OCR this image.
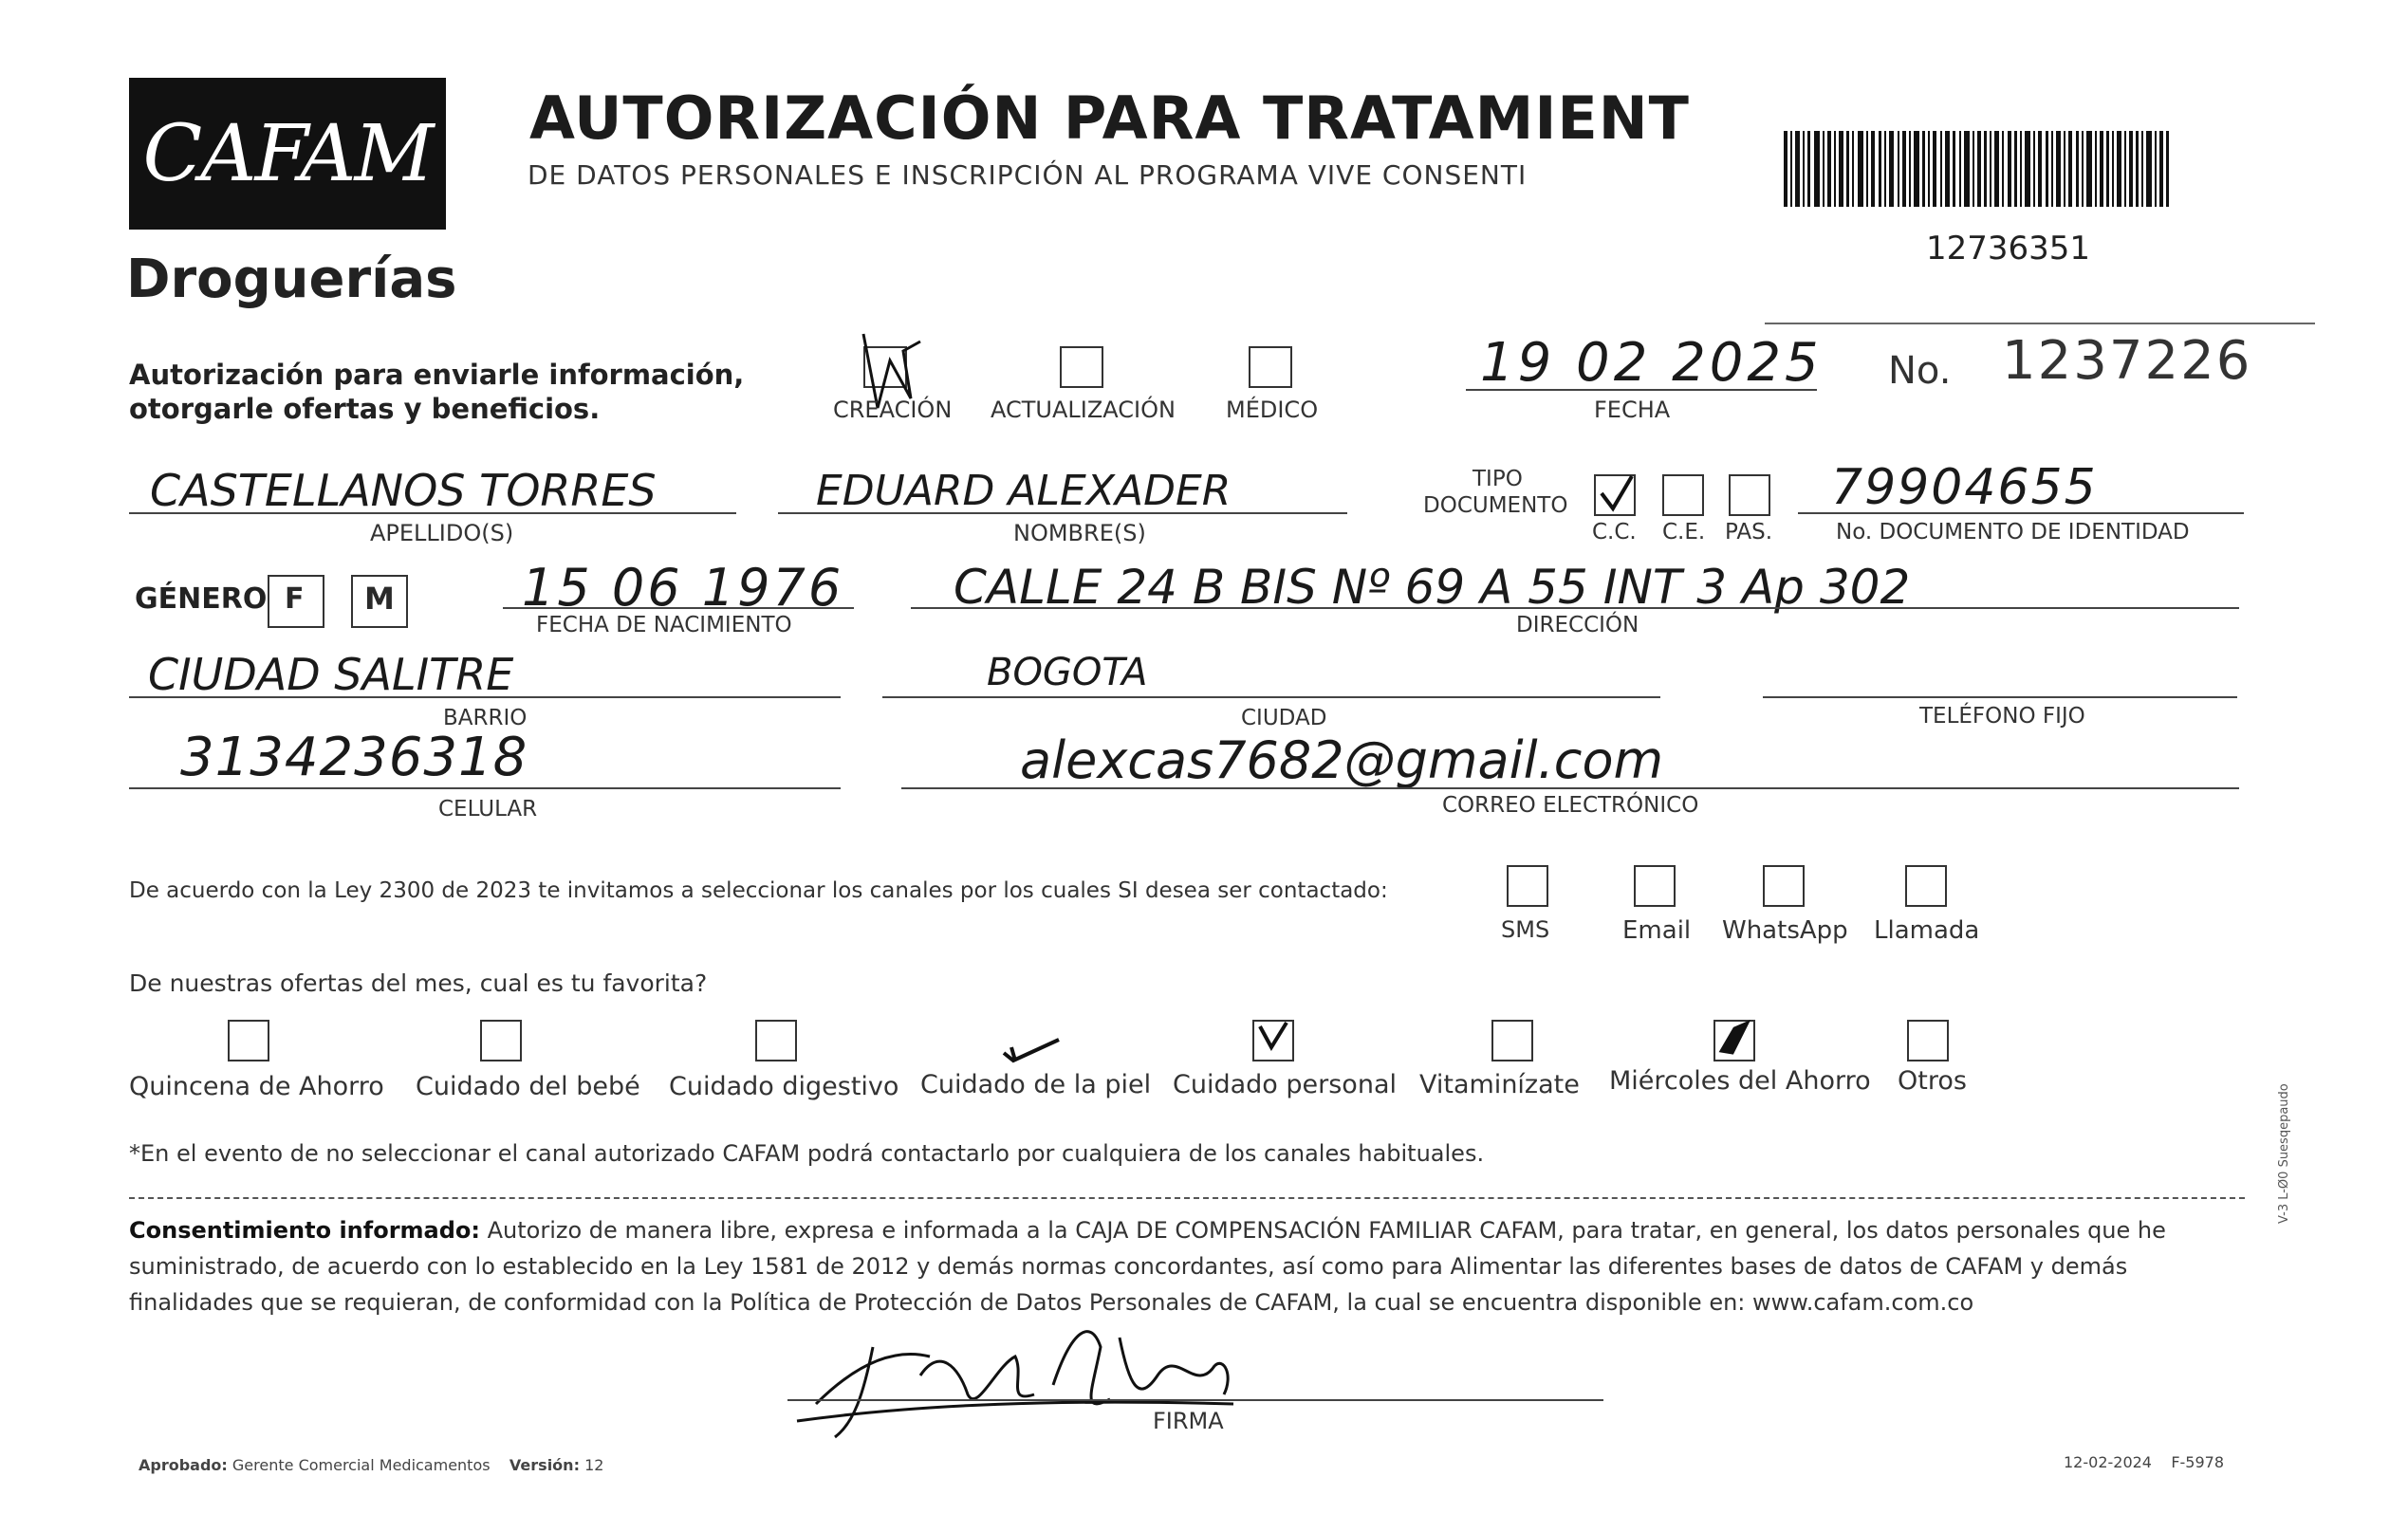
CAFAM
Droguerías
AUTORIZACIÓN PARA TRATAMIENT
DE DATOS PERSONALES E INSCRIPCIÓN AL PROGRAMA VIVE CONSENTI
12736351
Autorización para enviarle información,
otorgarle ofertas y beneficios.	CREACIÓN ACTUALIZACIÓN MÉDICO
19 02 2025
FECHA
No. 1237226
CASTELLANOS TORRES
APELLIDO(S)
EDUARD ALEXADER
NOMBRE(S)
TIPO
DOCUMENTO
C.C. C.E. PAS.
79904655
No. DOCUMENTO DE IDENTIDAD
GÉNERO F M 15 06 1976
FECHA DE NACIMIENTO
CALLE 24 B BIS Nº 69 A 55 INT 3 Ap 302
DIRECCIÓN
CIUDAD SALITRE
BARRIO
BOGOTA
CIUDAD	TELÉFONO FIJO
3134236318
CELULAR
alexcas7682@gmail.com
CORREO ELECTRÓNICO
De acuerdo con la Ley 2300 de 2023 te invitamos a seleccionar los canales por los cuales SI desea ser contactado:
SMS	Email WhatsApp Llamada
De nuestras ofertas del mes, cual es tu favorita?
Quincena de Ahorro Cuidado del bebé Cuidado digestivo Cuidado de la piel Cuidado personal Vitaminízate Miércoles del Ahorro Otros
*En el evento de no seleccionar el canal autorizado CAFAM podrá contactarlo por cualquiera de los canales habituales.
Consentimiento informado: Autorizo de manera libre, expresa e informada a la CAJA DE COMPENSACIÓN FAMILIAR CAFAM, para tratar, en general, los datos personales que he
suministrado, de acuerdo con lo establecido en la Ley 1581 de 2012 y demás normas concordantes, así como para Alimentar las diferentes bases de datos de CAFAM y demás
finalidades que se requieran, de conformidad con la Política de Protección de Datos Personales de CAFAM, la cual se encuentra disponible en: www.cafam.com.co
FIRMA
Aprobado: Gerente Comercial Medicamentos Versión: 12	12-02-2024 F-5978
V-3 L-Ø0 Suesqepaudo
